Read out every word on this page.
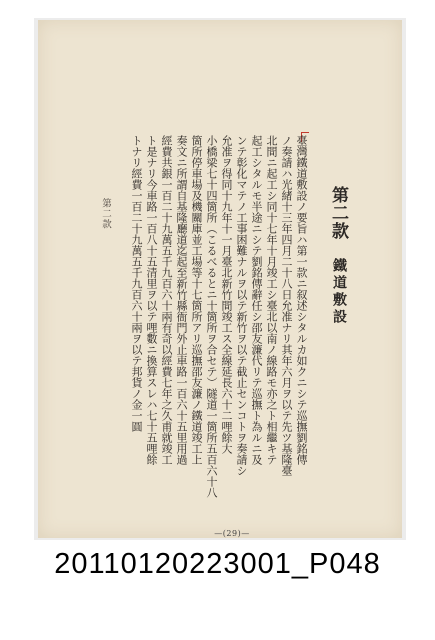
第二款
鐵道敷設
臺灣鐵道敷設ノ要旨ハ第一款ニ叙述シタルカ如クニシテ巡撫劉銘傳
ノ奏請ハ光緒十三年四月二十八日允准ナリ其年六月ヲ以テ先ツ基隆臺
北間ニ起工シ同十七年十月竣工シ臺北以南ノ線路モ亦之ト相繼キテ
起工シタルモ半途ニシテ劉銘傳辭任シ邵友濂代リテ巡撫ト為ルニ及
ンテ彰化マテノ工事困難ナルヲ以テ新竹ヲ以テ截止センコトヲ奏請シ
允准ヲ得同十九年十一月臺北新竹間竣工ス全線延長六十二哩餘大
小橋梁七十四箇所（こるべるとニ十箇所ヲ合セテ）隧道一箇所五百六十八
箇所停車場及機關庫並工場等十七箇所アリ巡撫邵友濂ノ鐵道竣工上
奏文ニ所謂自基隆廳道迄起至新竹縣衙門外止車路一百六十五里用過
經費共銀一百二十九萬五千九百六十兩有奇以經費七年之久甫就竣工
ト是ナリ今車路一百八十五清里ヲ以テ哩數ニ換算スレハ七十五哩餘
トナリ經費一百二十九萬五千九百六十兩ヲ以テ邦貨ノ金一圓
第二款
—(29)—
20110120223001_P048
